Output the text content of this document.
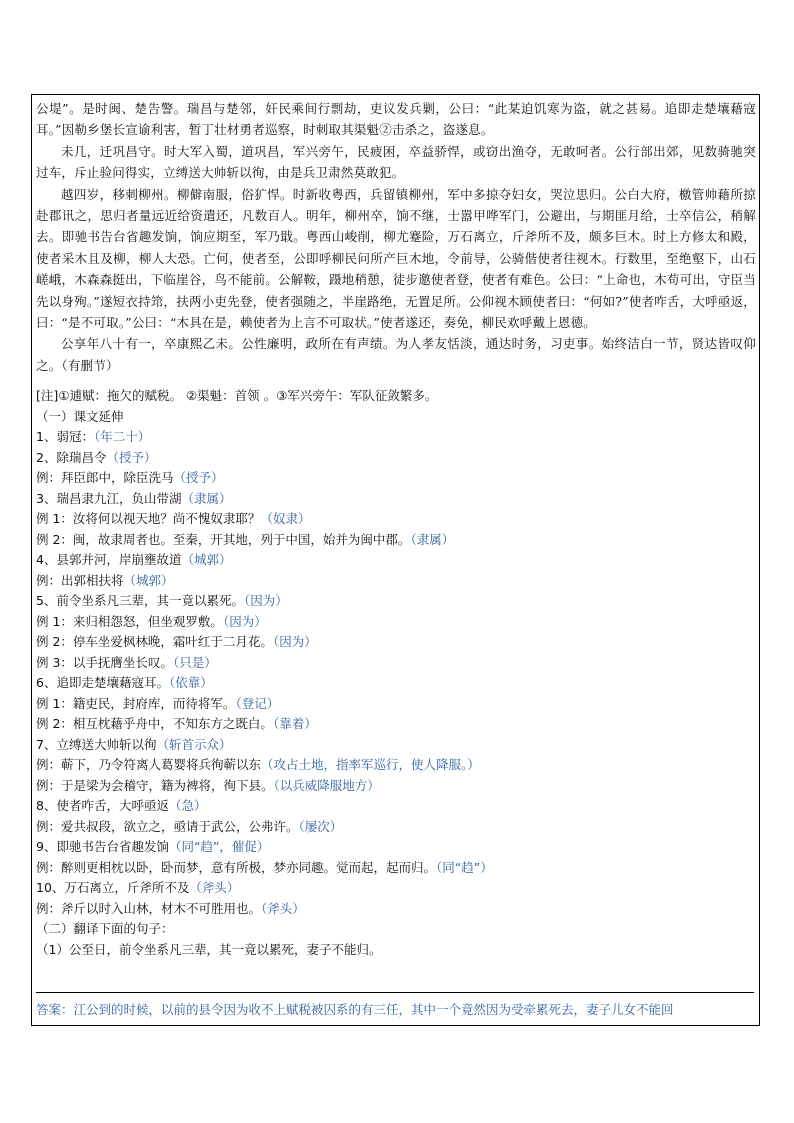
公堤”。是时闽、楚告警。瑞昌与楚邻，奸民乘间行剽劫，吏议发兵剿，公曰：“此某迫饥寒为盗，就之甚易。追即走楚壤藉寇耳。”因勒乡堡长宣谕利害，暂丁壮材勇者巡察，时刺取其渠魁②击杀之，盗遂息。

未几，迁巩昌守。时大军入蜀，道巩昌，军兴旁午，民疲困，卒益骄悍，或窃出渔夺，无敢呵者。公行部出郊，见数骑驰突过车，斥止验问得实，立缚送大帅斩以徇，由是兵卫肃然莫敢犯。

越四岁，移刺柳州。柳僻南服，俗犷悍。时新收粤西，兵留镇柳州，军中多掠夺妇女，哭泣思归。公白大府，檄管帅藉所掠赴郡讯之，思归者量远近给资遣还，凡数百人。明年，柳州卒，饷不继，士嚣甲哗军门，公避出，与期匪月给，士卒信公，稍解去。即驰书告台省趣发饷，饷应期至，军乃戢。粤西山峻削，柳尤蹇险，万石离立，斤斧所不及，颇多巨木。时上方修太和殿，使者采木且及柳，柳人大恐。亡何，使者至，公即呼柳民问所产巨木地，令前导，公骑偕使者往视木。行数里，至绝壑下，山石嵯峨，木森森挺出，下临崖谷，鸟不能前。公解鞍，蹑地稍憩，徒步邀使者登，使者有难色。公曰：“上命也，木苟可出，守臣当先以身殉。”遂短衣持筇，扶两小吏先登，使者强随之，半崖路绝，无置足所。公仰视木顾使者曰：“何如?”使者咋舌，大呼亟返，曰：“是不可取。”公曰：“木具在是，赖使者为上言不可取状。”使者遂还，奏免，柳民欢呼戴上恩德。

公享年八十有一，卒康熙乙未。公性廉明，政所在有声绩。为人孝友恬淡，通达时务，习吏事。始终洁白一节，贤达皆叹仰之。（有删节）

[注]①逋赋：拖欠的赋税。 ②渠魁：首领 。③军兴旁午：军队征敛繁多。
（一）课文延伸
1、弱冠：（年二十）
2、除瑞昌令（授予）
例：拜臣郎中，除臣洗马（授予）
3、瑞昌隶九江，负山带湖（隶属）
例 1：汝将何以视天地？尚不愧奴隶耶？（奴隶）
例 2：闽，故隶周者也。至秦，开其地，列于中国，始并为闽中郡。（隶属）
4、县郭并河，岸崩壅故道（城郭）
例：出郭相扶将（城郭）
5、前令坐系凡三辈，其一竟以累死。（因为）
例 1：来归相怨怒，但坐观罗敷。（因为）
例 2：停车坐爱枫林晚，霜叶红于二月花。（因为）
例 3：以手抚膺坐长叹。（只是）
6、追即走楚壤藉寇耳。（依靠）
例 1：籍吏民，封府库，而待将军。（登记）
例 2：相互枕藉乎舟中，不知东方之既白。（靠着）
7、立缚送大帅斩以徇（斩首示众）
例：蕲下，乃令符离人葛婴将兵徇蕲以东（攻占土地，指率军巡行，使人降服。）
例：于是梁为会稽守，籍为裨将，徇下县。（以兵威降服地方）
8、使者咋舌，大呼亟返（急）
例：爱共叔段，欲立之，亟请于武公，公弗许。（屡次）
9、即驰书告台省趣发饷（同“趋”，催促）
例：醉则更相枕以卧，卧而梦，意有所极，梦亦同趣。觉而起，起而归。（同“趋”）
10、万石离立，斤斧所不及（斧头）
例：斧斤以时入山林，材木不可胜用也。（斧头）
（二）翻译下面的句子：
（1）公至日，前令坐系凡三辈，其一竟以累死，妻子不能归。
答案：江公到的时候，以前的县令因为收不上赋税被囚系的有三任，其中一个竟然因为受牵累死去，妻子儿女不能回
